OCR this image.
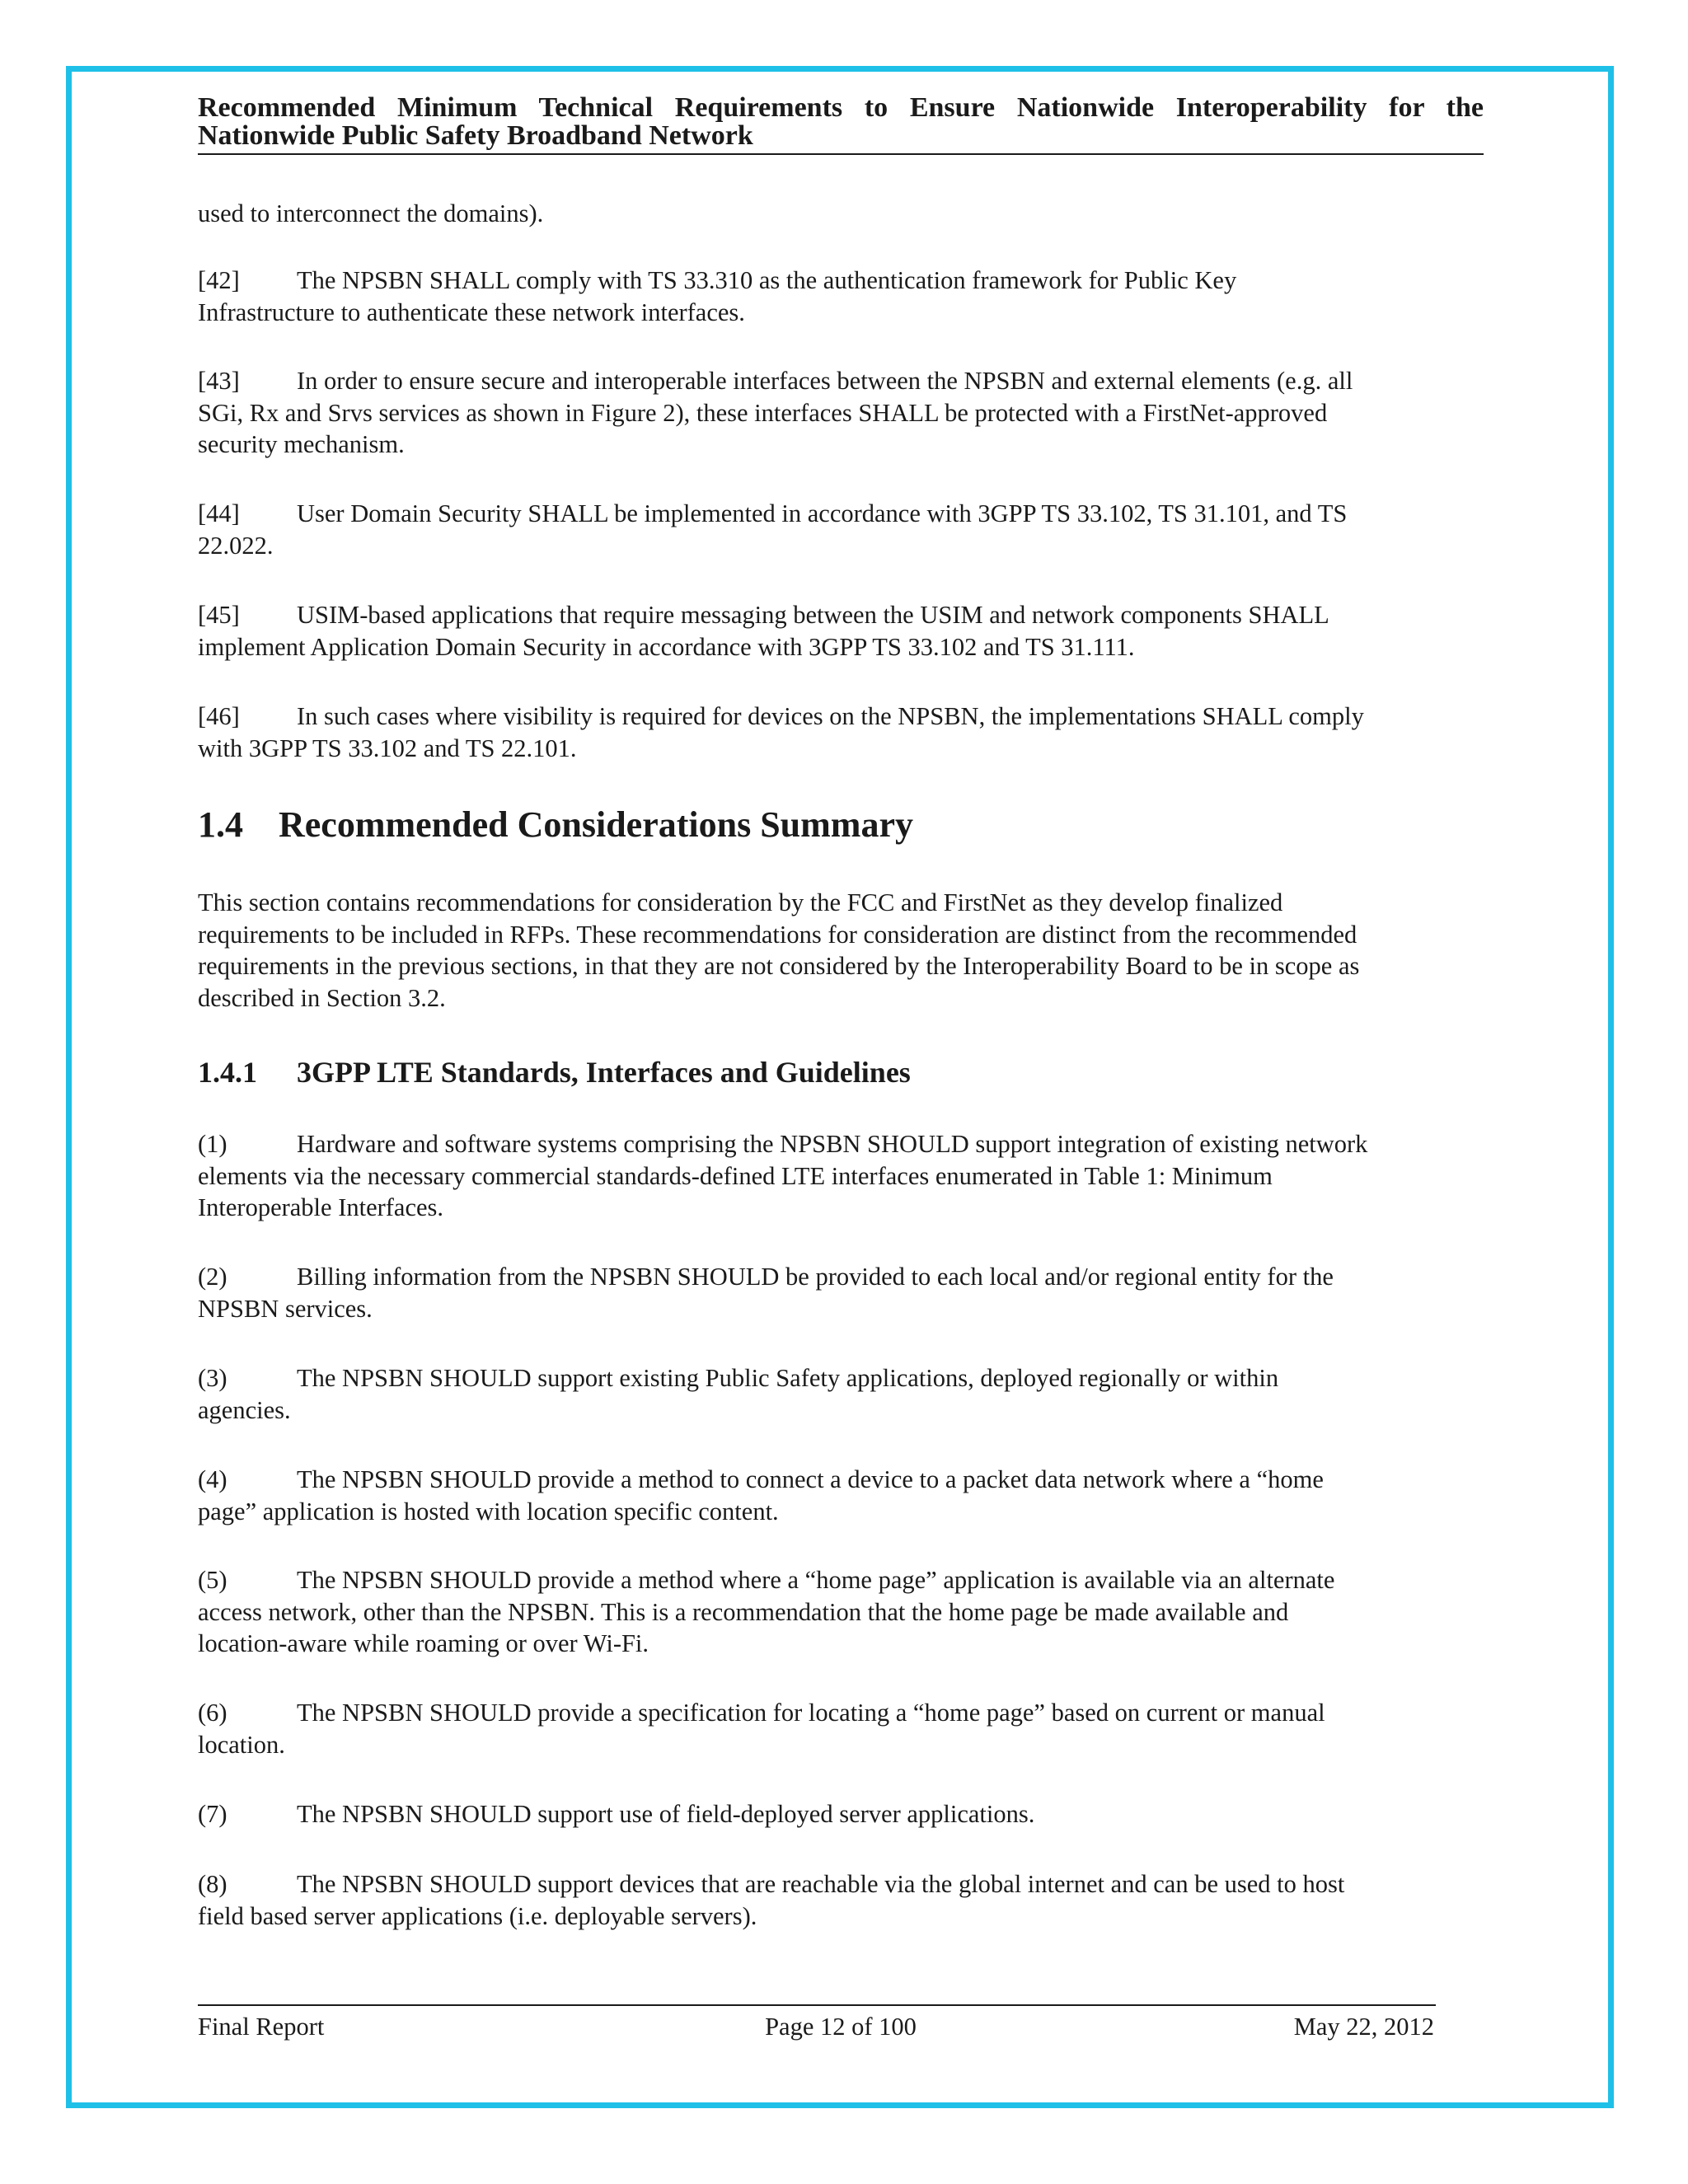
Recommended Minimum Technical Requirements to Ensure Nationwide Interoperability for the
Nationwide Public Safety Broadband Network

used to interconnect the domains).

[42] The NPSBN SHALL comply with TS 33.310 as the authentication framework for Public Key
Infrastructure to authenticate these network interfaces.

[43] In order to ensure secure and interoperable interfaces between the NPSBN and external elements (e.g. all
SGi, Rx and Srvs services as shown in Figure 2), these interfaces SHALL be protected with a FirstNet-approved
security mechanism.

[44] User Domain Security SHALL be implemented in accordance with 3GPP TS 33.102, TS 31.101, and TS
22.022.

[45] USIM-based applications that require messaging between the USIM and network components SHALL
implement Application Domain Security in accordance with 3GPP TS 33.102 and TS 31.111.

[46] In such cases where visibility is required for devices on the NPSBN, the implementations SHALL comply
with 3GPP TS 33.102 and TS 22.101.

1.4 Recommended Considerations Summary

This section contains recommendations for consideration by the FCC and FirstNet as they develop finalized
requirements to be included in RFPs. These recommendations for consideration are distinct from the recommended
requirements in the previous sections, in that they are not considered by the Interoperability Board to be in scope as
described in Section 3.2.

1.4.1 3GPP LTE Standards, Interfaces and Guidelines

(1)	Hardware and software systems comprising the NPSBN SHOULD support integration of existing network
elements via the necessary commercial standards-defined LTE interfaces enumerated in Table 1: Minimum
Interoperable Interfaces.

(2)	Billing information from the NPSBN SHOULD be provided to each local and/or regional entity for the
NPSBN services.

(3)	The NPSBN SHOULD support existing Public Safety applications, deployed regionally or within
agencies.

(4)	The NPSBN SHOULD provide a method to connect a device to a packet data network where a “home
page” application is hosted with location specific content.

(5)	The NPSBN SHOULD provide a method where a “home page” application is available via an alternate
access network, other than the NPSBN. This is a recommendation that the home page be made available and
location-aware while roaming or over Wi-Fi.

(6)	The NPSBN SHOULD provide a specification for locating a “home page” based on current or manual
location.

(7)	The NPSBN SHOULD support use of field-deployed server applications.

(8)	The NPSBN SHOULD support devices that are reachable via the global internet and can be used to host
field based server applications (i.e. deployable servers).

Final Report	Page 12 of 100	May 22, 2012
